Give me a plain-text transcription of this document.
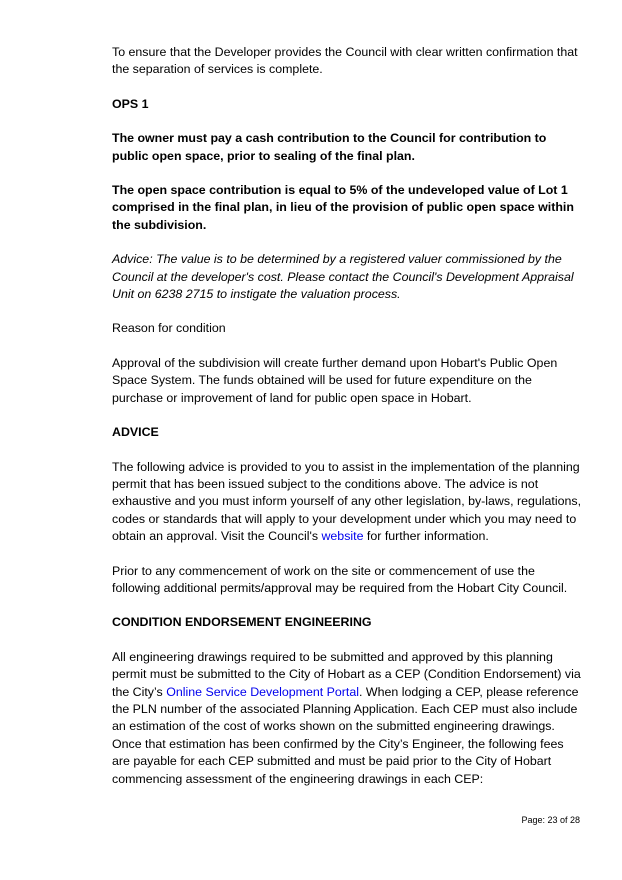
To ensure that the Developer provides the Council with clear written confirmation that the separation of services is complete.

OPS 1

The owner must pay a cash contribution to the Council for contribution to public open space, prior to sealing of the final plan.

The open space contribution is equal to 5% of the undeveloped value of Lot 1 comprised in the final plan, in lieu of the provision of public open space within the subdivision.

Advice: The value is to be determined by a registered valuer commissioned by the Council at the developer's cost. Please contact the Council's Development Appraisal Unit on 6238 2715 to instigate the valuation process.

Reason for condition

Approval of the subdivision will create further demand upon Hobart's Public Open Space System. The funds obtained will be used for future expenditure on the purchase or improvement of land for public open space in Hobart.

ADVICE

The following advice is provided to you to assist in the implementation of the planning permit that has been issued subject to the conditions above. The advice is not exhaustive and you must inform yourself of any other legislation, by-laws, regulations, codes or standards that will apply to your development under which you may need to obtain an approval. Visit the Council's website for further information.

Prior to any commencement of work on the site or commencement of use the following additional permits/approval may be required from the Hobart City Council.

CONDITION ENDORSEMENT ENGINEERING

All engineering drawings required to be submitted and approved by this planning permit must be submitted to the City of Hobart as a CEP (Condition Endorsement) via the City’s Online Service Development Portal. When lodging a CEP, please reference the PLN number of the associated Planning Application. Each CEP must also include an estimation of the cost of works shown on the submitted engineering drawings. Once that estimation has been confirmed by the City’s Engineer, the following fees are payable for each CEP submitted and must be paid prior to the City of Hobart commencing assessment of the engineering drawings in each CEP:

Page: 23 of 28
